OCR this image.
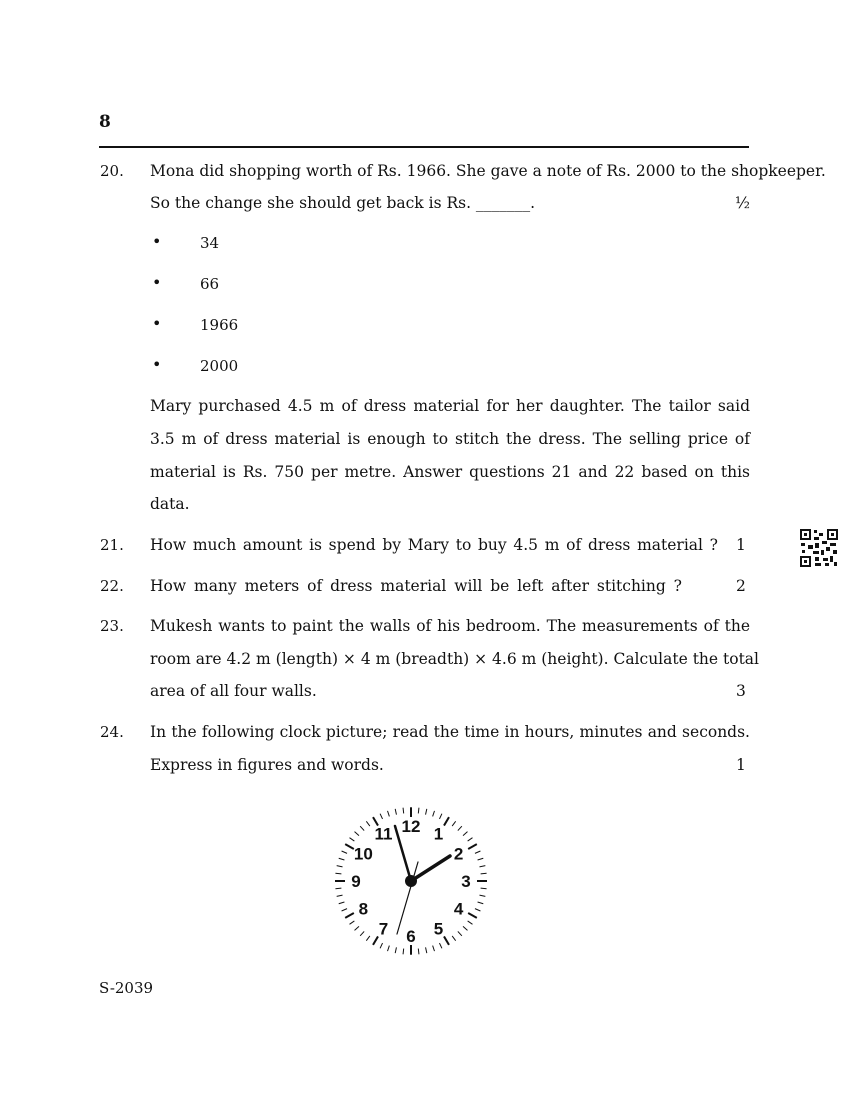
8
20. Mona did shopping worth of Rs. 1966. She gave a note of Rs. 2000 to the shopkeeper.
So the change she should get back is Rs. _______.	½
•	34
•	66
•	1966
•	2000
Mary purchased 4.5 m of dress material for her daughter. The tailor said
3.5 m of dress material is enough to stitch the dress. The selling price of
material is Rs. 750 per metre. Answer questions 21 and 22 based on this
data.
21. How much amount is spend by Mary to buy 4.5 m of dress material ? 1
22. How many meters of dress material will be left after stitching ?	2
23. Mukesh wants to paint the walls of his bedroom. The measurements of the
room are 4.2 m (length) × 4 m (breadth) × 4.6 m (height). Calculate the total
area of all four walls.	3
24. In the following clock picture; read the time in hours, minutes and seconds.
Express in figures and words.	1
12 1
2
3
4
5
6
7
8
9
10
11
S-2039
